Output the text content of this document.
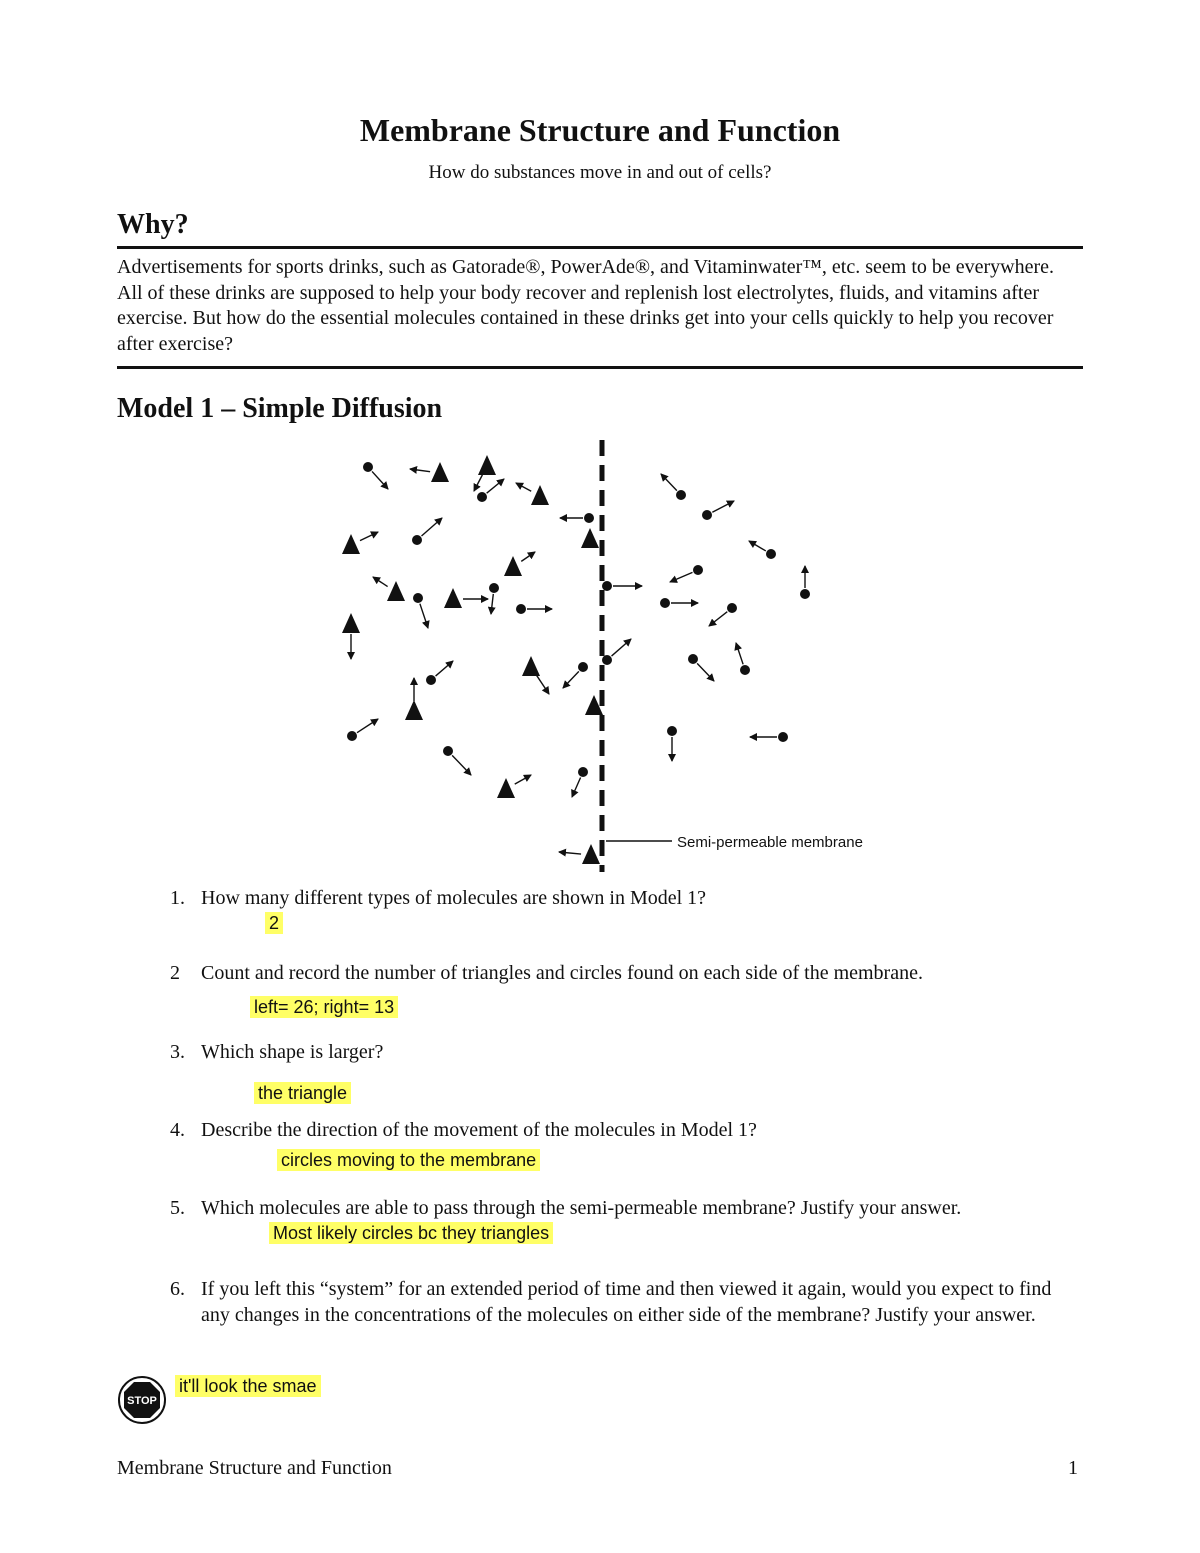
Membrane Structure and Function
How do substances move in and out of cells?
Why?
Advertisements for sports drinks, such as Gatorade®, PowerAde®, and Vitaminwater™, etc. seem to be everywhere. All of these drinks are supposed to help your body recover and replenish lost electrolytes, fluids, and vitamins after exercise. But how do the essential molecules contained in these drinks get into your cells quickly to help you recover after exercise?
Model 1 – Simple Diffusion
Semi-permeable membrane
1. How many different types of molecules are shown in Model 1?
2
2 Count and record the number of triangles and circles found on each side of the membrane.
left= 26; right= 13
3. Which shape is larger?
the triangle
4. Describe the direction of the movement of the molecules in Model 1?
circles moving to the membrane
5. Which molecules are able to pass through the semi-permeable membrane? Justify your answer.
Most likely circles bc they triangles
6. If you left this “system” for an extended period of time and then viewed it again, would you expect to find any changes in the concentrations of the molecules on either side of the membrane? Justify your answer.
STOP
it'll look the smae
Membrane Structure and Function	1
